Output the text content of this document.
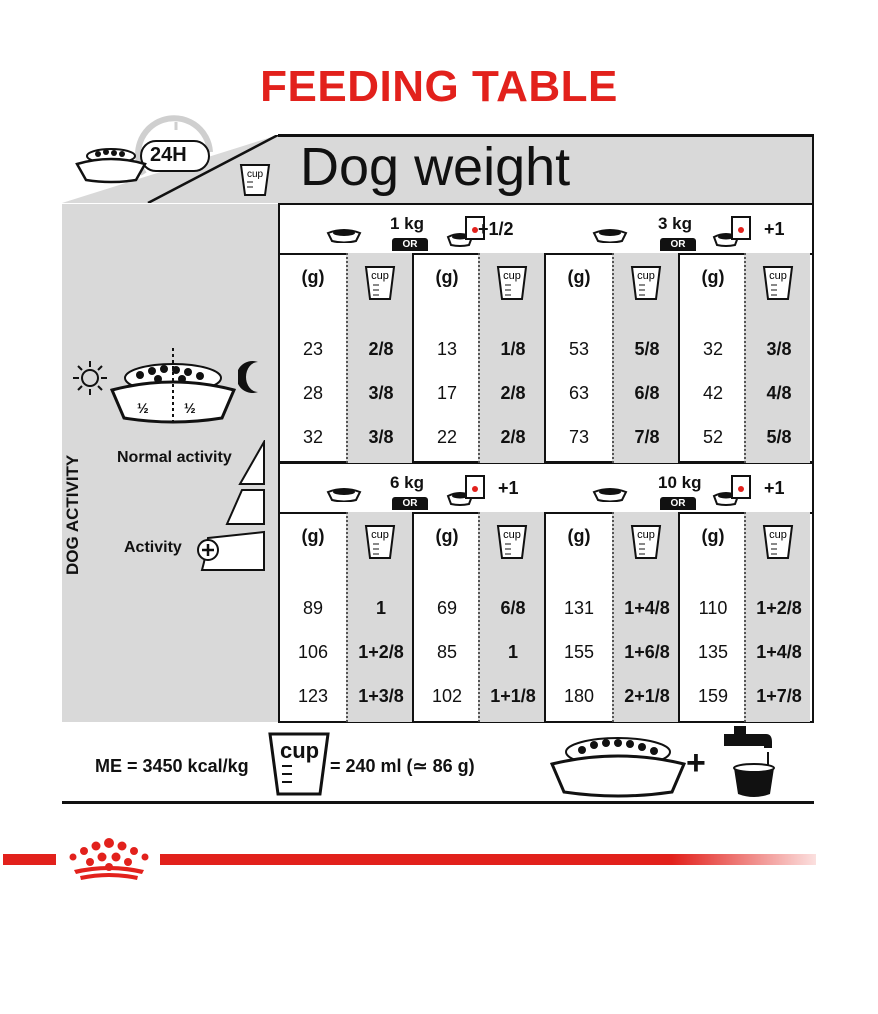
FEEDING TABLE
24H
cup Dog weight
DOG ACTIVITY
½	½
Normal activity
Activity
1 kg
OR
+1/2
(g)
23
28
32
cup
2/8
3/8
3/8
(g)
13
17
22
cup
1/8
2/8
2/8
3 kg
OR
+1
(g)
53
63
73
cup
5/8
6/8
7/8
(g)
32
42
52
cup
3/8
4/8
5/8
6 kg
OR
+1
(g)
89
106
123
cup
1
1+2/8
1+3/8
(g)
69
85
102
cup
6/8
1
1+1/8
10 kg
OR
+1
(g)
131
155
180
cup
1+4/8
1+6/8
2+1/8
(g)
110
135
159
cup
1+2/8
1+4/8
1+7/8
ME = 3450 kcal/kg
cup
= 240 ml (≃ 86 g)	+
